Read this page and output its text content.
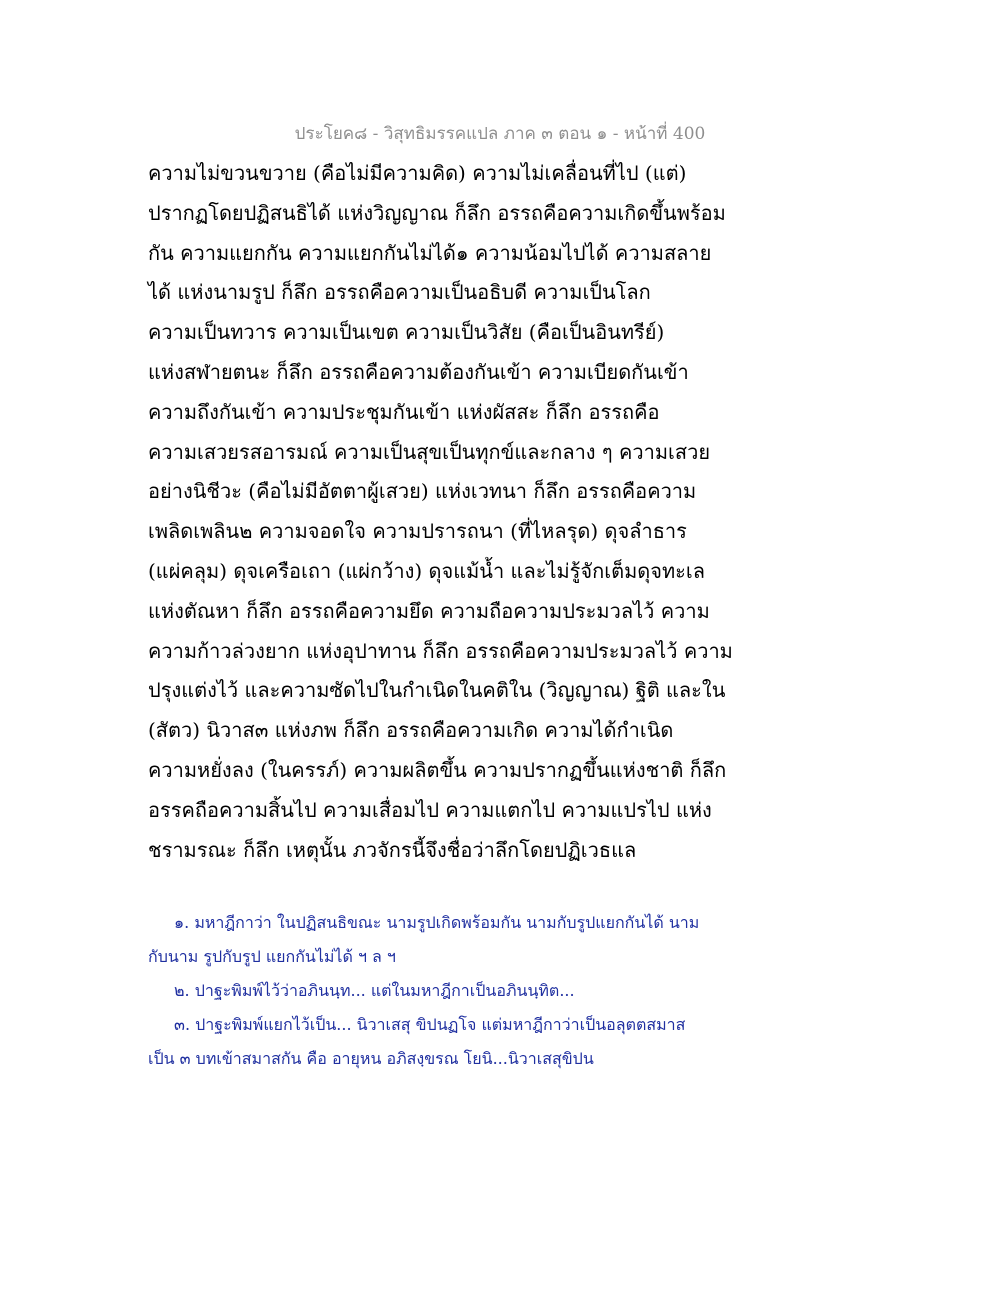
ประโยค๘ - วิสุทธิมรรคแปล ภาค ๓ ตอน ๑ - หน้าที่ 400
ความไม่ขวนขวาย (คือไม่มีความคิด) ความไม่เคลื่อนที่ไป (แต่)
ปรากฏโดยปฏิสนธิได้ แห่งวิญญาณ ก็ลึก อรรถคือความเกิดขึ้นพร้อม
กัน ความแยกกัน ความแยกกันไม่ได้๑ ความน้อมไปได้ ความสลาย
ได้ แห่งนามรูป ก็ลึก อรรถคือความเป็นอธิบดี ความเป็นโลก
ความเป็นทวาร ความเป็นเขต ความเป็นวิสัย (คือเป็นอินทรีย์)
แห่งสฬายตนะ ก็ลึก อรรถคือความต้องกันเข้า ความเบียดกันเข้า
ความถึงกันเข้า ความประชุมกันเข้า แห่งผัสสะ ก็ลึก อรรถคือ
ความเสวยรสอารมณ์ ความเป็นสุขเป็นทุกข์และกลาง ๆ ความเสวย
อย่างนิชีวะ (คือไม่มีอัตตาผู้เสวย) แห่งเวทนา ก็ลึก อรรถคือความ
เพลิดเพลิน๒ ความจอดใจ ความปรารถนา (ที่ไหลรุด) ดุจลำธาร
(แผ่คลุม) ดุจเครือเถา (แผ่กว้าง) ดุจแม้น้ำ และไม่รู้จักเต็มดุจทะเล
แห่งตัณหา ก็ลึก อรรถคือความยึด ความถือความประมวลไว้ ความ
ความก้าวล่วงยาก แห่งอุปาทาน ก็ลึก อรรถคือความประมวลไว้ ความ
ปรุงแต่งไว้ และความซัดไปในกำเนิดในคติใน (วิญญาณ) ฐิติ และใน
(สัตว) นิวาส๓ แห่งภพ ก็ลึก อรรถคือความเกิด ความได้กำเนิด
ความหยั่งลง (ในครรภ์) ความผลิตขึ้น ความปรากฏขึ้นแห่งชาติ ก็ลึก
อรรคถือความสิ้นไป ความเสื่อมไป ความแตกไป ความแปรไป แห่ง
ชรามรณะ ก็ลึก เหตุนั้น ภวจักรนี้จึงชื่อว่าลึกโดยปฏิเวธแล
๑. มหาฎีกาว่า ในปฏิสนธิขณะ นามรูปเกิดพร้อมกัน นามกับรูปแยกกันได้ นาม
กับนาม รูปกับรูป แยกกันไม่ได้ ฯ ล ฯ
๒. ปาฐะพิมพ์ไว้ว่าอภินนฺท... แต่ในมหาฎีกาเป็นอภินนฺทิต...
๓. ปาฐะพิมพ์แยกไว้เป็น... นิวาเสสุ ขิปนฏโจ แต่มหาฎีกาว่าเป็นอลุตตสมาส
เป็น ๓ บทเข้าสมาสกัน คือ อายุหน อภิสงฺขรณ โยนิ...นิวาเสสุขิปน
